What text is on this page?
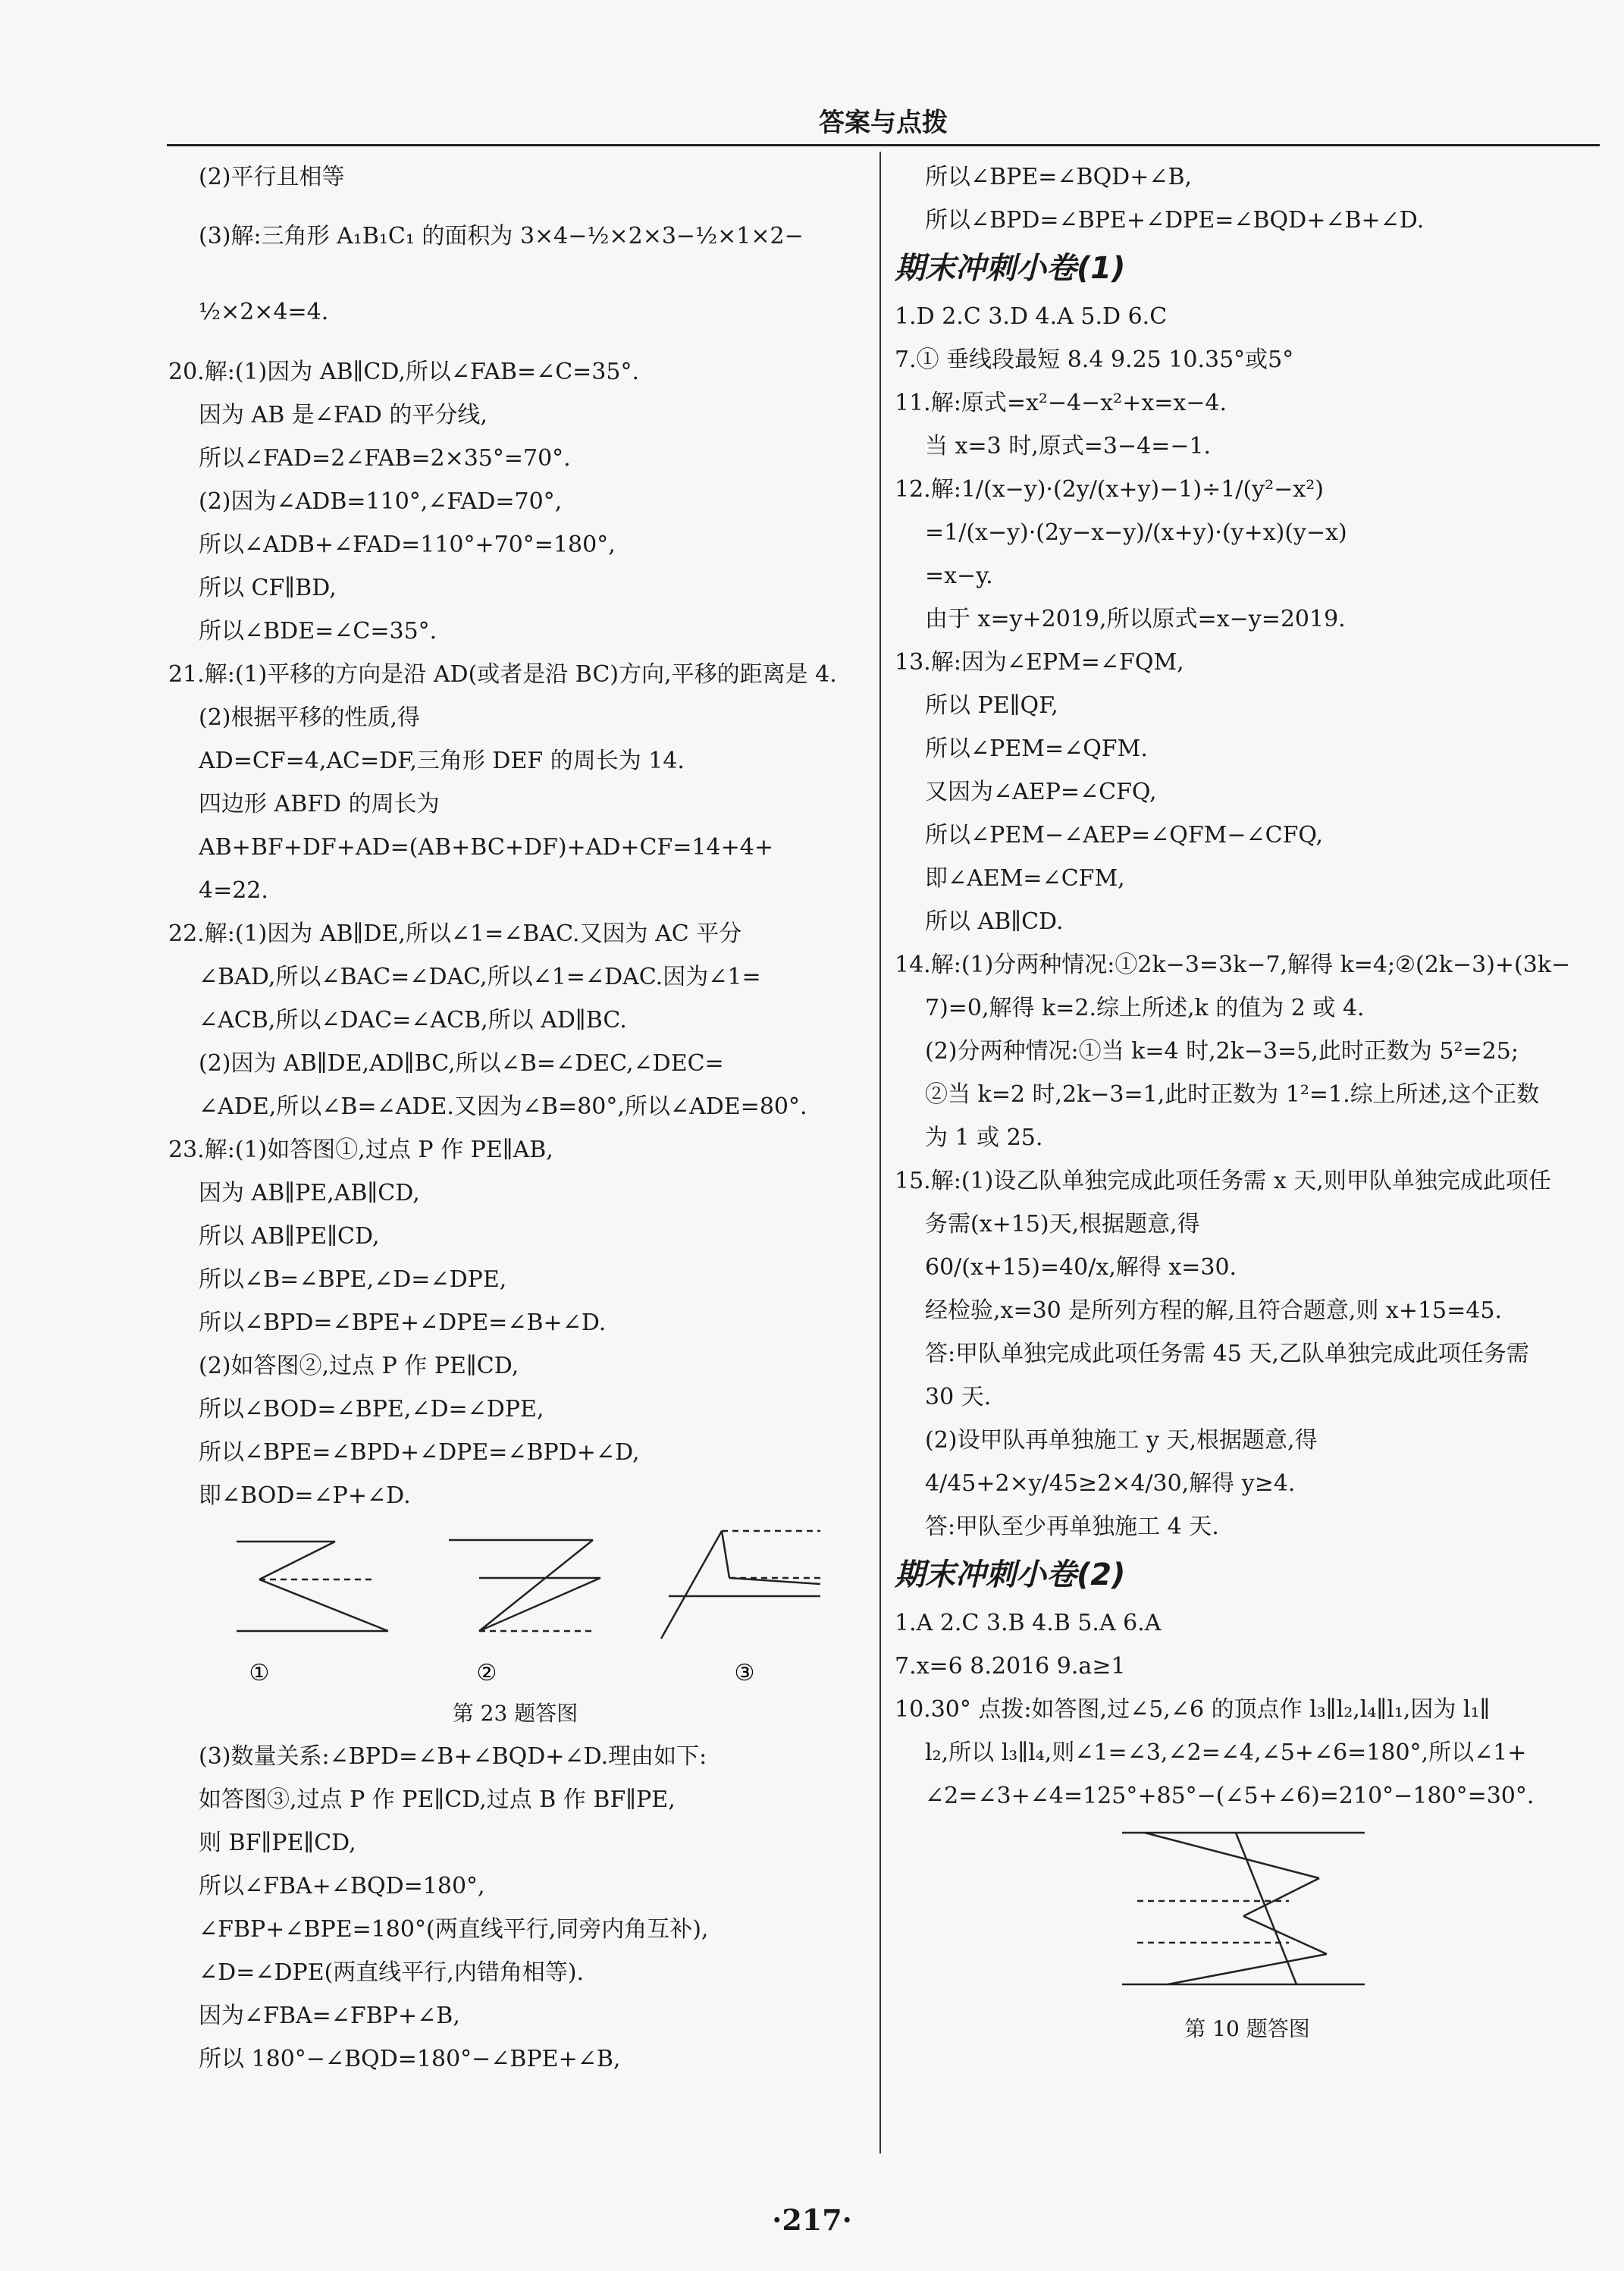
答案与点拨
(2)平行且相等
(3)解:三角形 A₁B₁C₁ 的面积为 3×4−½×2×3−½×1×2−
½×2×4=4.
20.解:(1)因为 AB∥CD,所以∠FAB=∠C=35°.
因为 AB 是∠FAD 的平分线,
所以∠FAD=2∠FAB=2×35°=70°.
(2)因为∠ADB=110°,∠FAD=70°,
所以∠ADB+∠FAD=110°+70°=180°,
所以 CF∥BD,
所以∠BDE=∠C=35°.
21.解:(1)平移的方向是沿 AD(或者是沿 BC)方向,平移的距离是 4.
(2)根据平移的性质,得
AD=CF=4,AC=DF,三角形 DEF 的周长为 14.
四边形 ABFD 的周长为
AB+BF+DF+AD=(AB+BC+DF)+AD+CF=14+4+
4=22.
22.解:(1)因为 AB∥DE,所以∠1=∠BAC.又因为 AC 平分
∠BAD,所以∠BAC=∠DAC,所以∠1=∠DAC.因为∠1=
∠ACB,所以∠DAC=∠ACB,所以 AD∥BC.
(2)因为 AB∥DE,AD∥BC,所以∠B=∠DEC,∠DEC=
∠ADE,所以∠B=∠ADE.又因为∠B=80°,所以∠ADE=80°.
23.解:(1)如答图①,过点 P 作 PE∥AB,
因为 AB∥PE,AB∥CD,
所以 AB∥PE∥CD,
所以∠B=∠BPE,∠D=∠DPE,
所以∠BPD=∠BPE+∠DPE=∠B+∠D.
(2)如答图②,过点 P 作 PE∥CD,
所以∠BOD=∠BPE,∠D=∠DPE,
所以∠BPE=∠BPD+∠DPE=∠BPD+∠D,
即∠BOD=∠P+∠D.
①	②	③
第 23 题答图
(3)数量关系:∠BPD=∠B+∠BQD+∠D.理由如下:
如答图③,过点 P 作 PE∥CD,过点 B 作 BF∥PE,
则 BF∥PE∥CD,
所以∠FBA+∠BQD=180°,
∠FBP+∠BPE=180°(两直线平行,同旁内角互补),
∠D=∠DPE(两直线平行,内错角相等).
因为∠FBA=∠FBP+∠B,
所以 180°−∠BQD=180°−∠BPE+∠B,
所以∠BPE=∠BQD+∠B,
所以∠BPD=∠BPE+∠DPE=∠BQD+∠B+∠D.
期末冲刺小卷(1)
1.D 2.C 3.D 4.A 5.D 6.C
7.① 垂线段最短 8.4 9.25 10.35°或5°
11.解:原式=x²−4−x²+x=x−4.
当 x=3 时,原式=3−4=−1.
12.解:1/(x−y)·(2y/(x+y)−1)÷1/(y²−x²)
=1/(x−y)·(2y−x−y)/(x+y)·(y+x)(y−x)
=x−y.
由于 x=y+2019,所以原式=x−y=2019.
13.解:因为∠EPM=∠FQM,
所以 PE∥QF,
所以∠PEM=∠QFM.
又因为∠AEP=∠CFQ,
所以∠PEM−∠AEP=∠QFM−∠CFQ,
即∠AEM=∠CFM,
所以 AB∥CD.
14.解:(1)分两种情况:①2k−3=3k−7,解得 k=4;②(2k−3)+(3k−
7)=0,解得 k=2.综上所述,k 的值为 2 或 4.
(2)分两种情况:①当 k=4 时,2k−3=5,此时正数为 5²=25;
②当 k=2 时,2k−3=1,此时正数为 1²=1.综上所述,这个正数
为 1 或 25.
15.解:(1)设乙队单独完成此项任务需 x 天,则甲队单独完成此项任
务需(x+15)天,根据题意,得
60/(x+15)=40/x,解得 x=30.
经检验,x=30 是所列方程的解,且符合题意,则 x+15=45.
答:甲队单独完成此项任务需 45 天,乙队单独完成此项任务需
30 天.
(2)设甲队再单独施工 y 天,根据题意,得
4/45+2×y/45≥2×4/30,解得 y≥4.
答:甲队至少再单独施工 4 天.
期末冲刺小卷(2)
1.A 2.C 3.B 4.B 5.A 6.A
7.x=6 8.2016 9.a≥1
10.30° 点拨:如答图,过∠5,∠6 的顶点作 l₃∥l₂,l₄∥l₁,因为 l₁∥
l₂,所以 l₃∥l₄,则∠1=∠3,∠2=∠4,∠5+∠6=180°,所以∠1+
∠2=∠3+∠4=125°+85°−(∠5+∠6)=210°−180°=30°.
第 10 题答图
·217·
